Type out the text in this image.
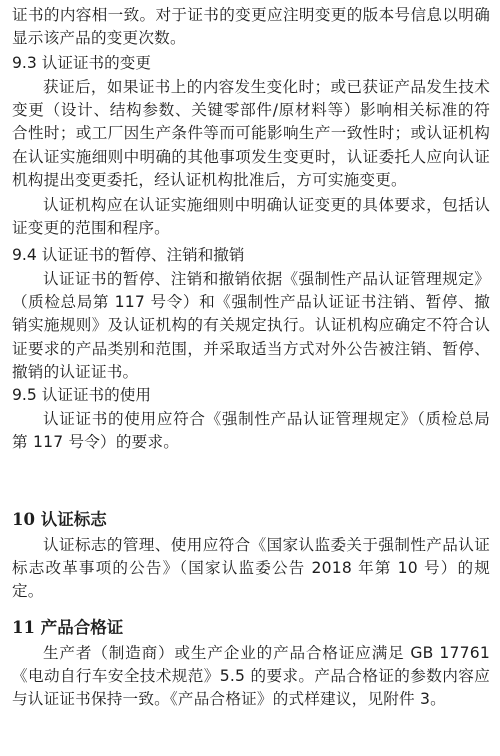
证书的内容相一致。对于证书的变更应注明变更的版本号信息以明确显示该产品的变更次数。

9.3 认证证书的变更

获证后，如果证书上的内容发生变化时；或已获证产品发生技术变更（设计、结构参数、关键零部件/原材料等）影响相关标准的符合性时；或工厂因生产条件等而可能影响生产一致性时；或认证机构在认证实施细则中明确的其他事项发生变更时，认证委托人应向认证机构提出变更委托，经认证机构批准后，方可实施变更。

认证机构应在认证实施细则中明确认证变更的具体要求，包括认证变更的范围和程序。

9.4 认证证书的暂停、注销和撤销

认证证书的暂停、注销和撤销依据《强制性产品认证管理规定》（质检总局第 117 号令）和《强制性产品认证证书注销、暂停、撤销实施规则》及认证机构的有关规定执行。认证机构应确定不符合认证要求的产品类别和范围，并采取适当方式对外公告被注销、暂停、撤销的认证证书。

9.5 认证证书的使用

认证证书的使用应符合《强制性产品认证管理规定》（质检总局第 117 号令）的要求。

10 认证标志

认证标志的管理、使用应符合《国家认监委关于强制性产品认证标志改革事项的公告》（国家认监委公告 2018 年第 10 号）的规定。

11 产品合格证

生产者（制造商）或生产企业的产品合格证应满足 GB 17761《电动自行车安全技术规范》5.5 的要求。产品合格证的参数内容应与认证证书保持一致。《产品合格证》的式样建议，见附件 3。
